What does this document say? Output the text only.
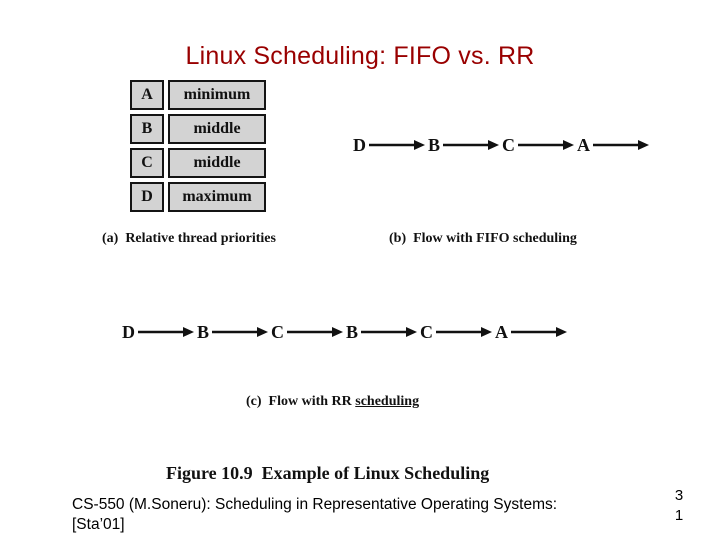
Linux Scheduling: FIFO vs. RR
A	minimum
B	middle
C	middle
D	maximum
D	B	C	A
D	B	C	B	C	A
(a)  Relative thread priorities	(b)  Flow with FIFO scheduling
(c)  Flow with RR scheduling
Figure 10.9  Example of Linux Scheduling
CS-550 (M.Soneru): Scheduling in Representative Operating Systems:
[Sta’01]
3
1
